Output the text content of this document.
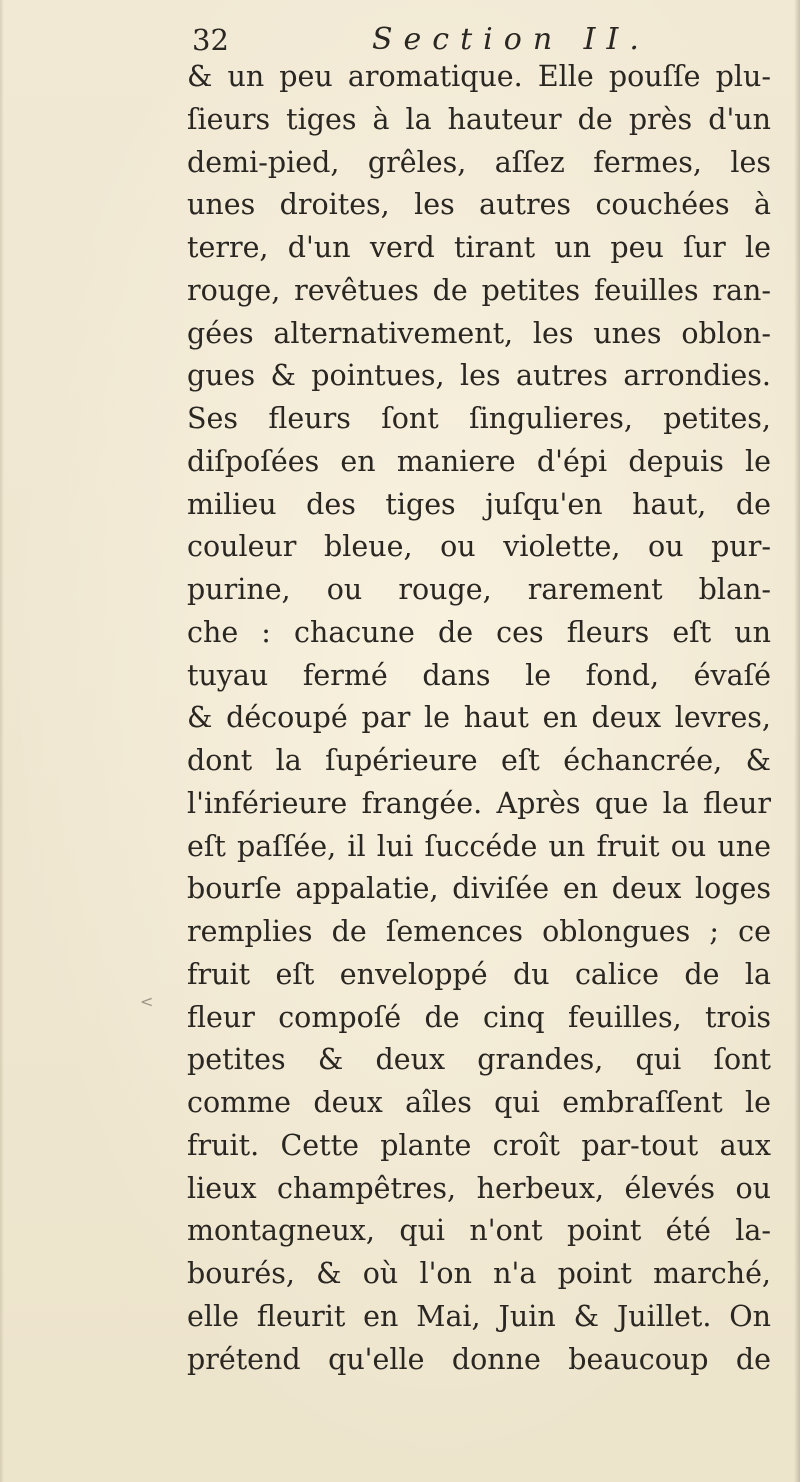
32	Section II.
<
& un peu aromatique. Elle pouſſe plu-
ſieurs tiges à la hauteur de près d'un
demi-pied, grêles, aſſez fermes, les
unes droites, les autres couchées à
terre, d'un verd tirant un peu ſur le
rouge, revêtues de petites feuilles ran-
gées alternativement, les unes oblon-
gues & pointues, les autres arrondies.
Ses fleurs ſont ſingulieres, petites,
diſpoſées en maniere d'épi depuis le
milieu des tiges juſqu'en haut, de
couleur bleue, ou violette, ou pur-
purine, ou rouge, rarement blan-
che : chacune de ces fleurs eſt un
tuyau fermé dans le fond, évaſé
& découpé par le haut en deux levres,
dont la ſupérieure eſt échancrée, &
l'inférieure frangée. Après que la fleur
eſt paſſée, il lui ſuccéde un fruit ou une
bourſe appalatie, diviſée en deux loges
remplies de ſemences oblongues ; ce
fruit eſt enveloppé du calice de la
fleur compoſé de cinq feuilles, trois
petites & deux grandes, qui ſont
comme deux aîles qui embraſſent le
fruit. Cette plante croît par-tout aux
lieux champêtres, herbeux, élevés ou
montagneux, qui n'ont point été la-
bourés, & où l'on n'a point marché,
elle fleurit en Mai, Juin & Juillet. On
prétend qu'elle donne beaucoup de
